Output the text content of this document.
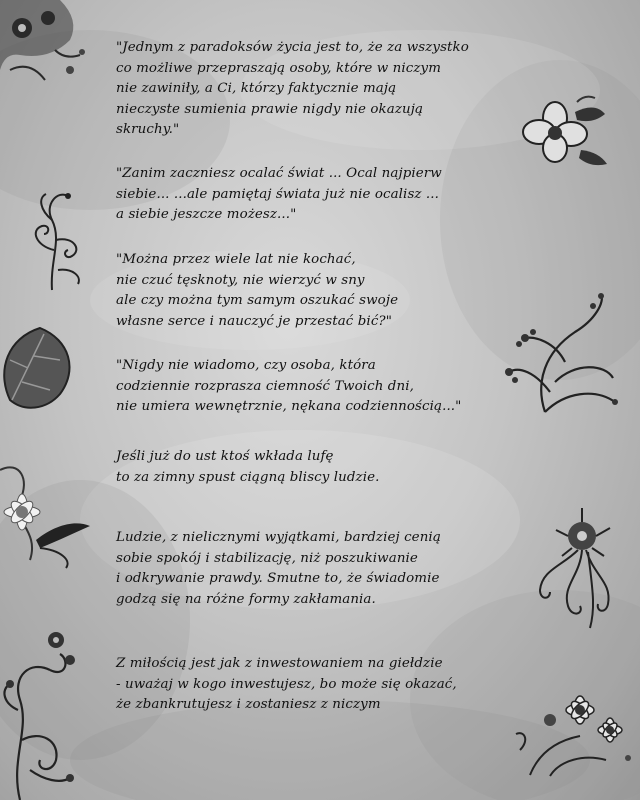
"Jednym z paradoksów życia jest to, że za wszystko
co możliwe przepraszają osoby, które w niczym
nie zawiniły, a Ci, którzy faktycznie mają
nieczyste sumienia prawie nigdy nie okazują
skruchy."

"Zanim zaczniesz ocalać świat ... Ocal najpierw
siebie... ...ale pamiętaj świata już nie ocalisz ...
a siebie jeszcze możesz..."

"Można przez wiele lat nie kochać,
nie czuć tęsknoty, nie wierzyć w sny
ale czy można tym samym oszukać swoje
własne serce i nauczyć je przestać bić?"

"Nigdy nie wiadomo, czy osoba, która
codziennie rozprasza ciemność Twoich dni,
nie umiera wewnętrznie, nękana codziennością..."

Jeśli już do ust ktoś wkłada lufę
to za zimny spust ciągną bliscy ludzie.

Ludzie, z nielicznymi wyjątkami, bardziej cenią
sobie spokój i stabilizację, niż poszukiwanie
i odkrywanie prawdy. Smutne to, że świadomie
godzą się na różne formy zakłamania.

Z miłością jest jak z inwestowaniem na giełdzie
- uważaj w kogo inwestujesz, bo może się okazać,
że zbankrutujesz i zostaniesz z niczym
